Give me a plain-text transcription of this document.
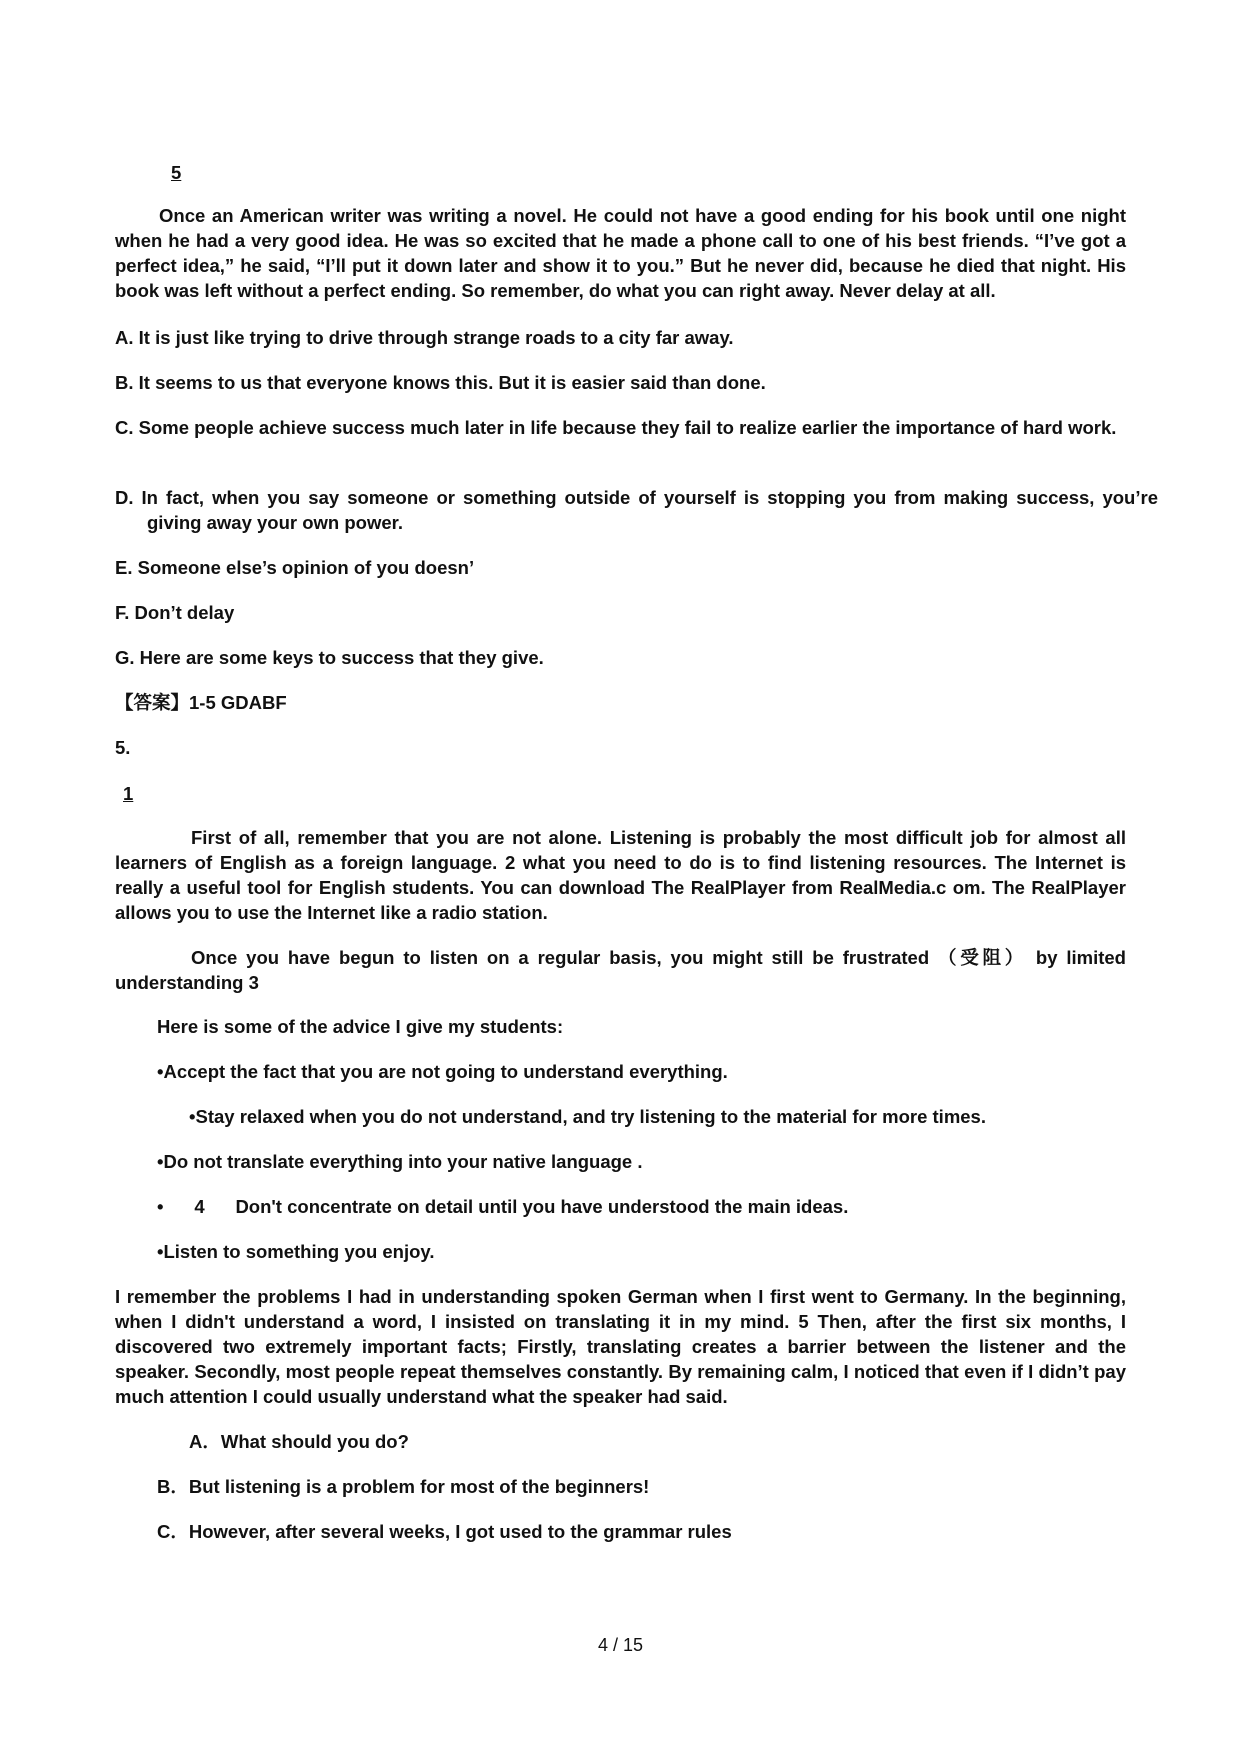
5

Once an American writer was writing a novel. He could not have a good ending for his book until one night when he had a very good idea. He was so excited that he made a phone call to one of his best friends. “I’ve got a perfect idea,” he said, “I’ll put it down later and show it to you.” But he never did, because he died that night. His book was left without a perfect ending. So remember, do what you can right away. Never delay at all.

A. It is just like trying to drive through strange roads to a city far away.

B. It seems to us that everyone knows this. But it is easier said than done.

C. Some people achieve success much later in life because they fail to realize earlier the importance of hard work.

D. In fact, when you say someone or something outside of yourself is stopping you from making success, you’re giving away your own power.

E. Someone else’s opinion of you doesn’

F. Don’t delay

G. Here are some keys to success that they give.

【答案】1-5 GDABF

5.

1

First of all, remember that you are not alone. Listening is probably the most difficult job for almost all learners of English as a foreign language. 2 what you need to do is to find listening resources. The Internet is really a useful tool for English students. You can download The RealPlayer from RealMedia.c om. The RealPlayer allows you to use the Internet like a radio station.

Once you have begun to listen on a regular basis, you might still be frustrated （受阻） by limited understanding 3

Here is some of the advice I give my students:

•Accept the fact that you are not going to understand everything.

•Stay relaxed when you do not understand, and try listening to the material for more times.

•Do not translate everything into your native language .

•      4      Don't concentrate on detail until you have understood the main ideas.

•Listen to something you enjoy.

I remember the problems I had in understanding spoken German when I first went to Germany. In the beginning, when I didn't understand a word, I insisted on translating it in my mind. 5 Then, after the first six months, I discovered two extremely important facts; Firstly, translating creates a barrier between the listener and the speaker. Secondly, most people repeat themselves constantly. By remaining calm, I noticed that even if I didn’t pay much attention I could usually understand what the speaker had said.

A．What should you do?

B．But listening is a problem for most of the beginners!

C．However, after several weeks, I got used to the grammar rules

4 / 15
